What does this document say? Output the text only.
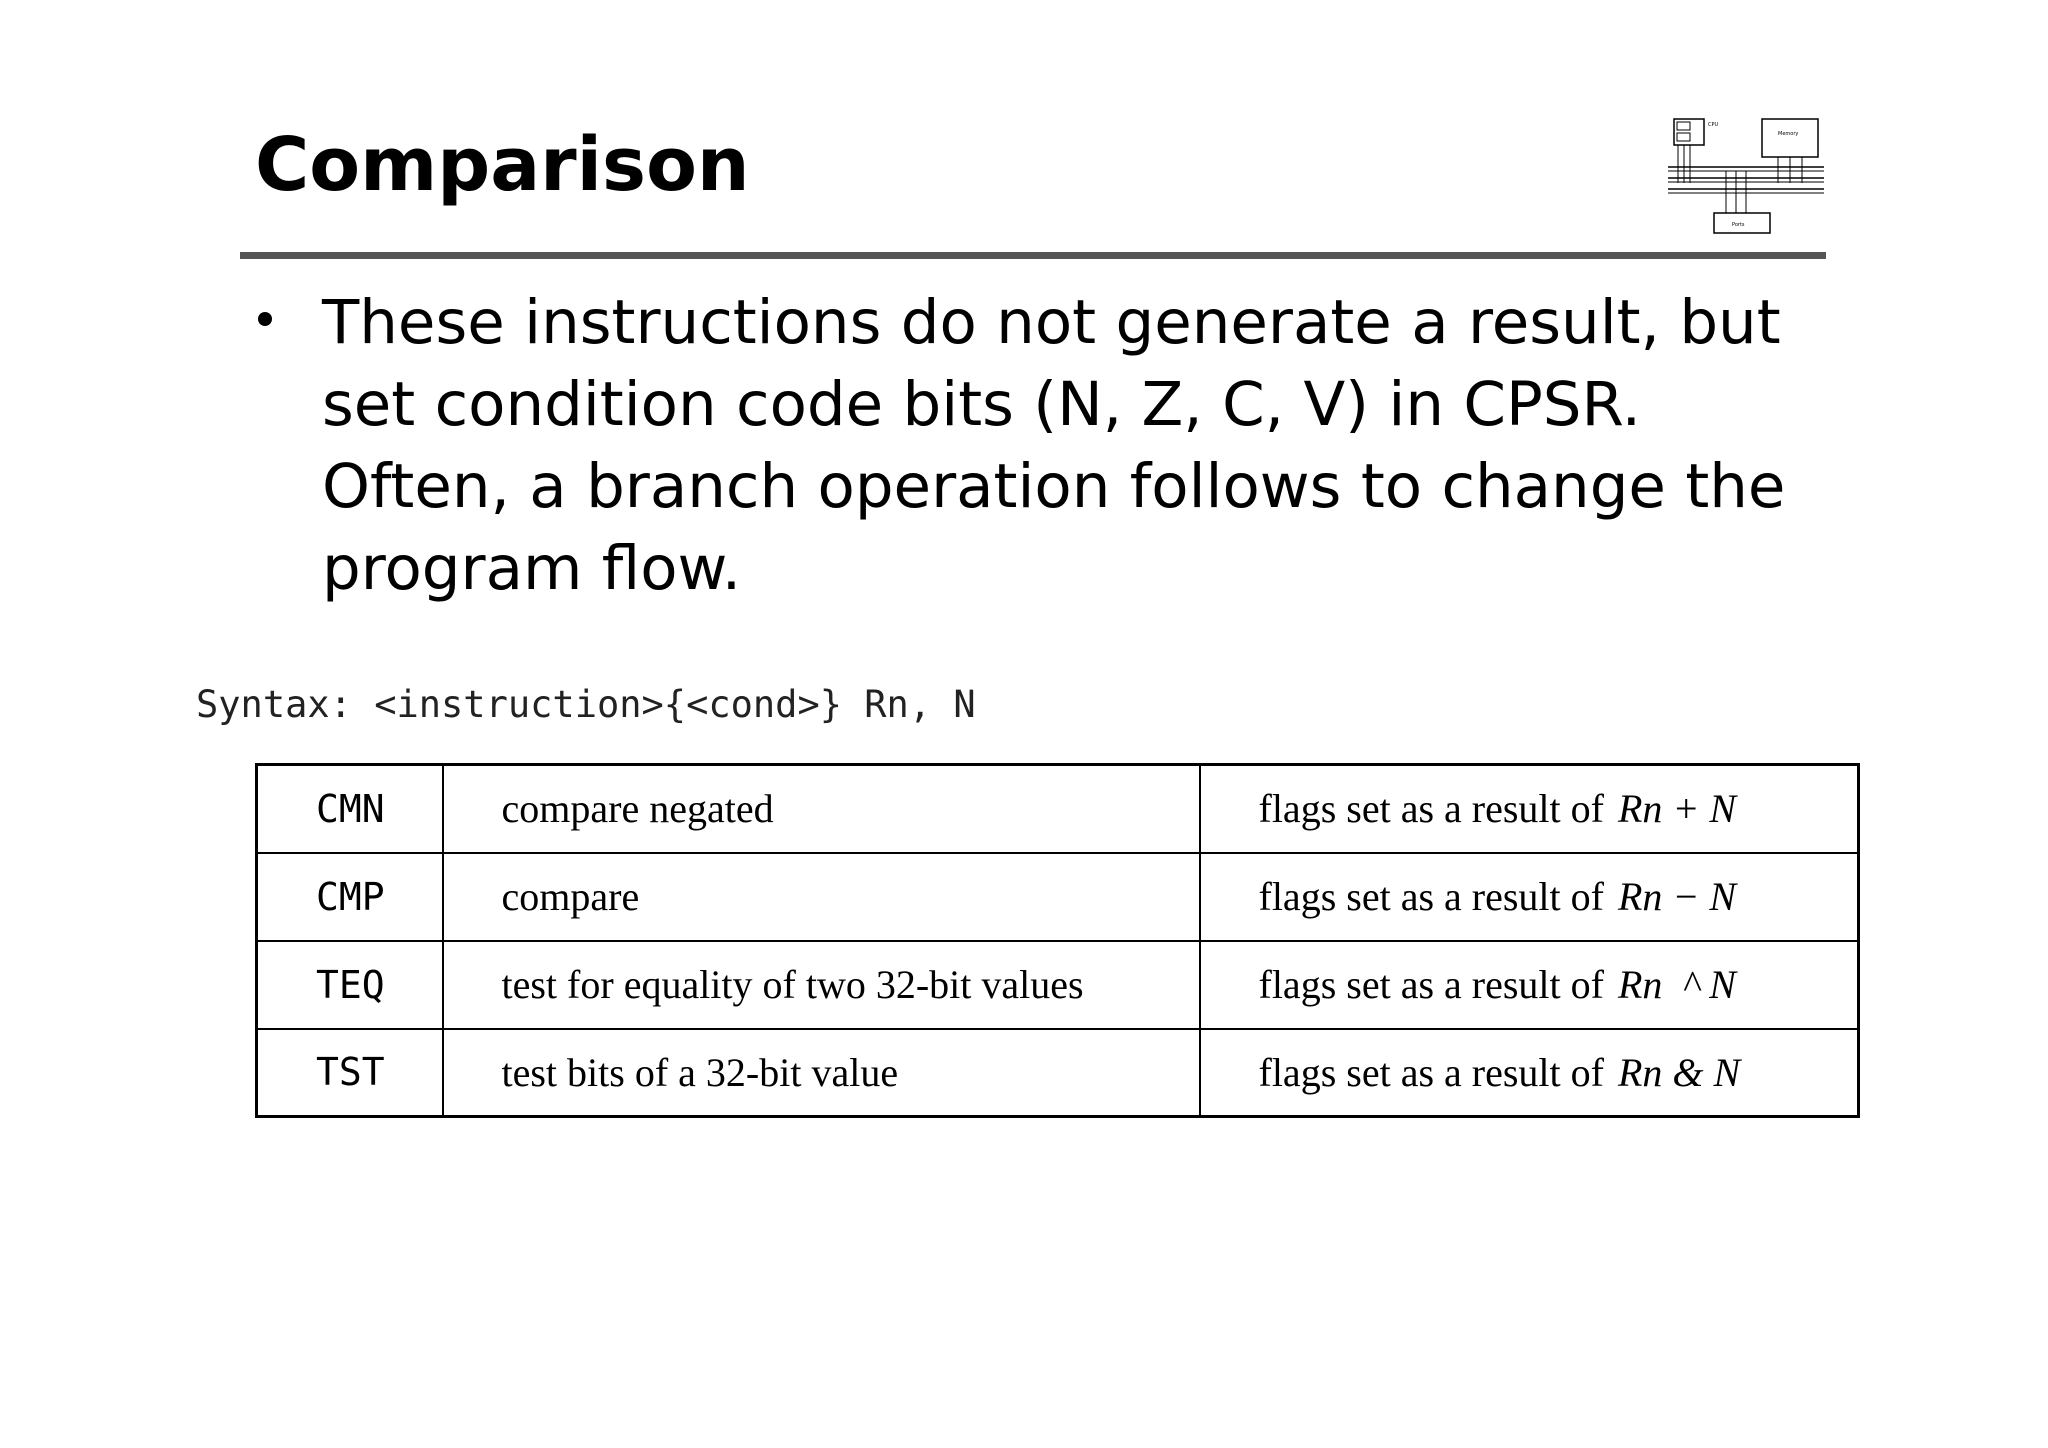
Comparison	CPU
Memory
Ports
These instructions do not generate a result, but set condition code bits (N, Z, C, V) in CPSR. Often, a branch operation follows to change the program flow.
Syntax: <instruction>{<cond>} Rn, N
CMN	compare negated	flags set as a result of Rn + N
CMP	compare	flags set as a result of Rn − N
TEQ	test for equality of two 32-bit values	flags set as a result of Rn  ^ N
TST	test bits of a 32-bit value	flags set as a result of Rn & N
